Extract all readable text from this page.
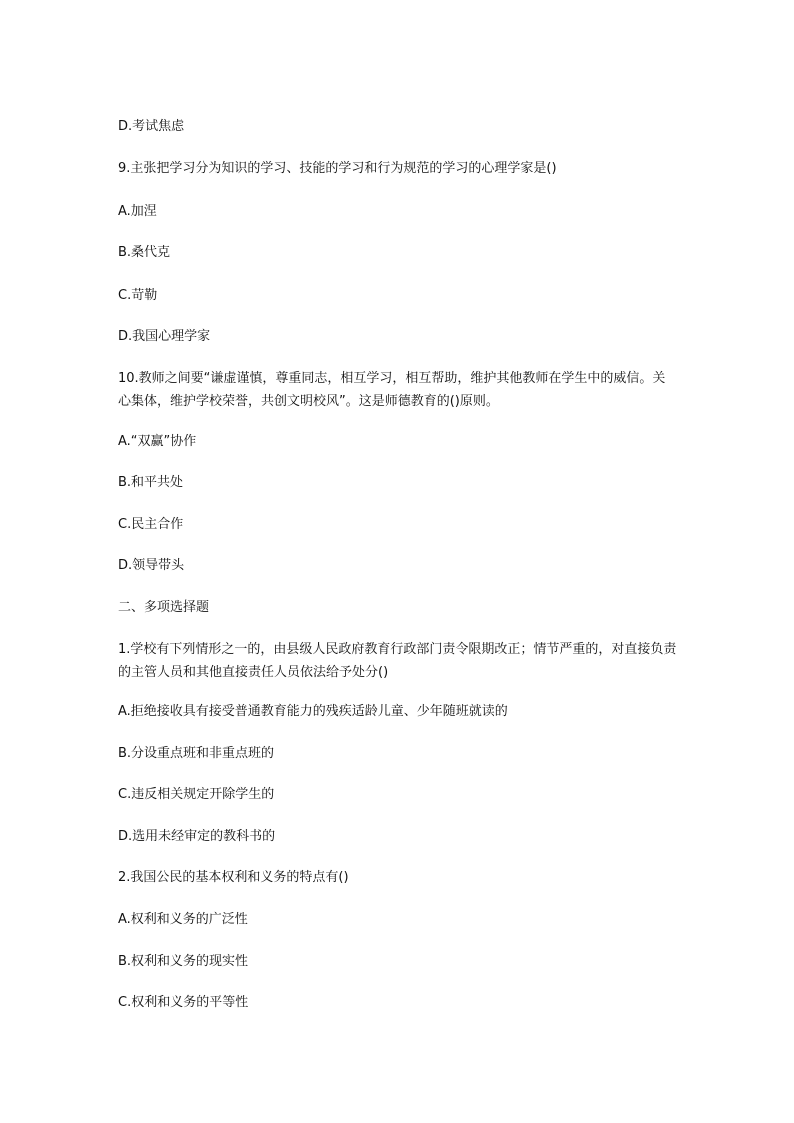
D.考试焦虑
9.主张把学习分为知识的学习、技能的学习和行为规范的学习的心理学家是()
A.加涅
B.桑代克
C.苛勒
D.我国心理学家
10.教师之间要“谦虚谨慎，尊重同志，相互学习，相互帮助，维护其他教师在学生中的威信。关心集体，维护学校荣誉，共创文明校风”。这是师德教育的()原则。
A.“双赢”协作
B.和平共处
C.民主合作
D.领导带头
二、多项选择题
1.学校有下列情形之一的，由县级人民政府教育行政部门责令限期改正；情节严重的，对直接负责的主管人员和其他直接责任人员依法给予处分()
A.拒绝接收具有接受普通教育能力的残疾适龄儿童、少年随班就读的
B.分设重点班和非重点班的
C.违反相关规定开除学生的
D.选用未经审定的教科书的
2.我国公民的基本权利和义务的特点有()
A.权利和义务的广泛性
B.权利和义务的现实性
C.权利和义务的平等性
